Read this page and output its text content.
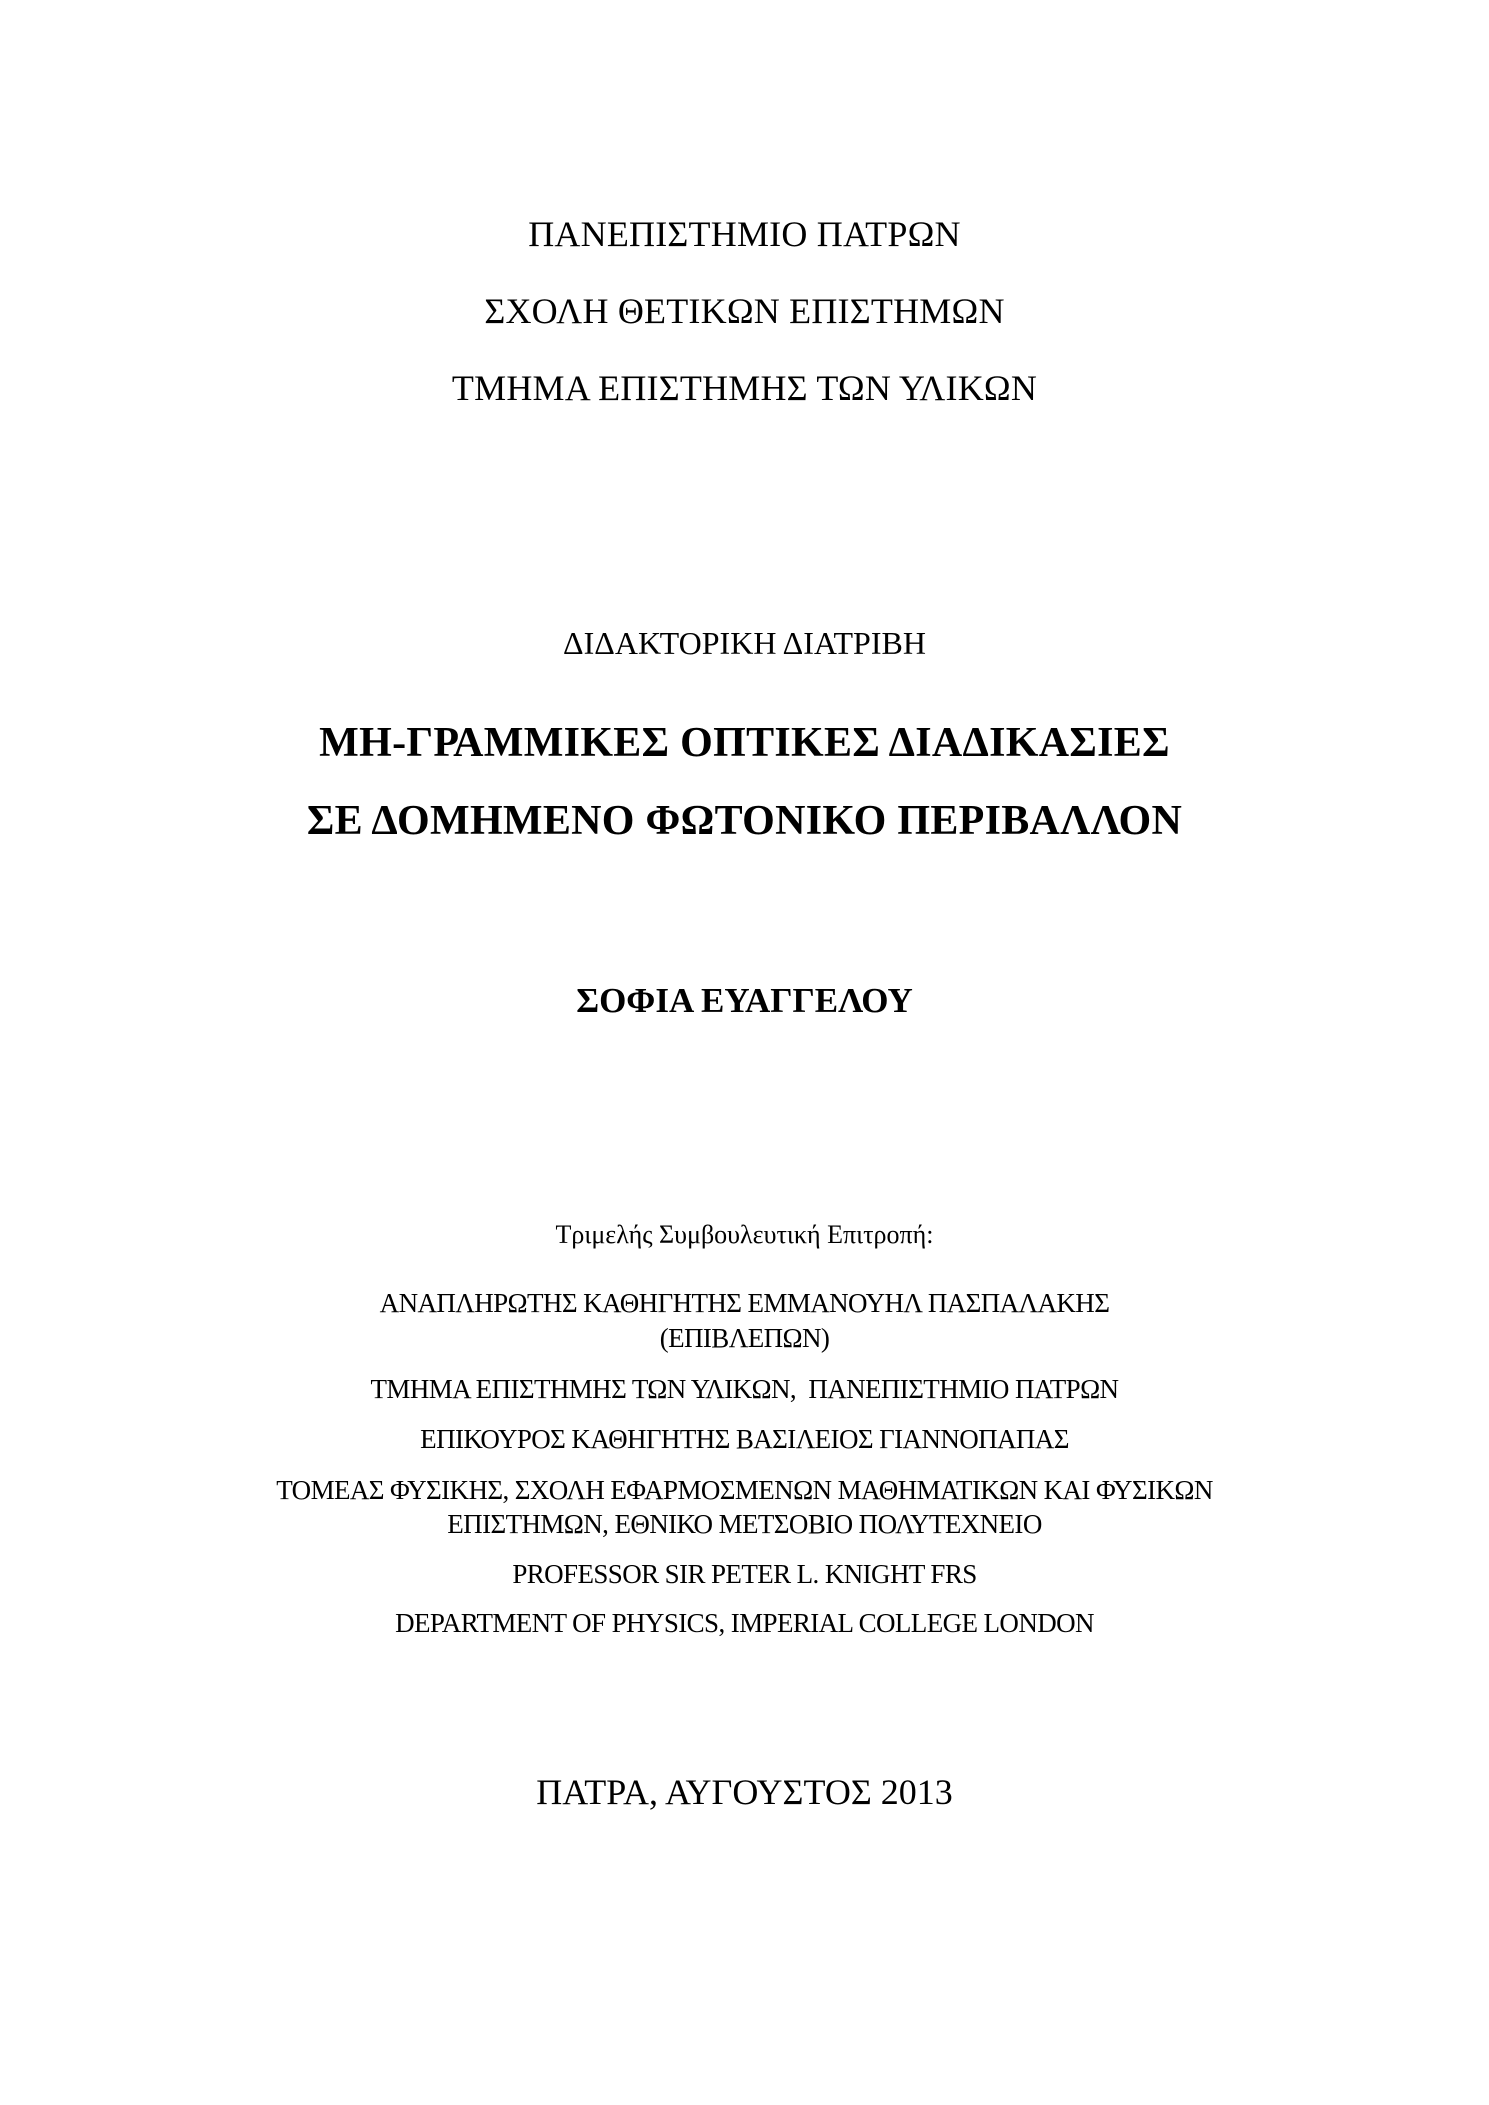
ΠΑΝΕΠΙΣΤΗΜΙΟ ΠΑΤΡΩΝ
ΣΧΟΛΗ ΘΕΤΙΚΩΝ ΕΠΙΣΤΗΜΩΝ
ΤΜΗΜΑ ΕΠΙΣΤΗΜΗΣ ΤΩΝ ΥΛΙΚΩΝ
ΔΙΔΑΚΤΟΡΙΚΗ ΔΙΑΤΡΙΒΗ
ΜΗ-ΓΡΑΜΜΙΚΕΣ ΟΠΤΙΚΕΣ ΔΙΑΔΙΚΑΣΙΕΣ
ΣΕ ΔΟΜΗΜΕΝΟ ΦΩΤΟΝΙΚΟ ΠΕΡΙΒΑΛΛΟΝ
ΣΟΦΙΑ ΕΥΑΓΓΕΛΟΥ
Τριμελής Συμβουλευτική Επιτροπή:
ΑΝΑΠΛΗΡΩΤΗΣ ΚΑΘΗΓΗΤΗΣ ΕΜΜΑΝΟΥΗΛ ΠΑΣΠΑΛΑΚΗΣ
(ΕΠΙΒΛΕΠΩΝ)
ΤΜΗΜΑ ΕΠΙΣΤΗΜΗΣ ΤΩΝ ΥΛΙΚΩΝ,  ΠΑΝΕΠΙΣΤΗΜΙΟ ΠΑΤΡΩΝ
ΕΠΙΚΟΥΡΟΣ ΚΑΘΗΓΗΤΗΣ ΒΑΣΙΛΕΙΟΣ ΓΙΑΝΝΟΠΑΠΑΣ
ΤΟΜΕΑΣ ΦΥΣΙΚΗΣ, ΣΧΟΛΗ ΕΦΑΡΜΟΣΜΕΝΩΝ ΜΑΘΗΜΑΤΙΚΩΝ ΚΑΙ ΦΥΣΙΚΩΝ
ΕΠΙΣΤΗΜΩΝ, ΕΘΝΙΚΟ ΜΕΤΣΟΒΙΟ ΠΟΛΥΤΕΧΝΕΙΟ
PROFESSOR SIR PETER L. KNIGHT FRS
DEPARTMENT OF PHYSICS, IMPERIAL COLLEGE LONDON
ΠΑΤΡΑ, ΑΥΓΟΥΣΤΟΣ 2013
